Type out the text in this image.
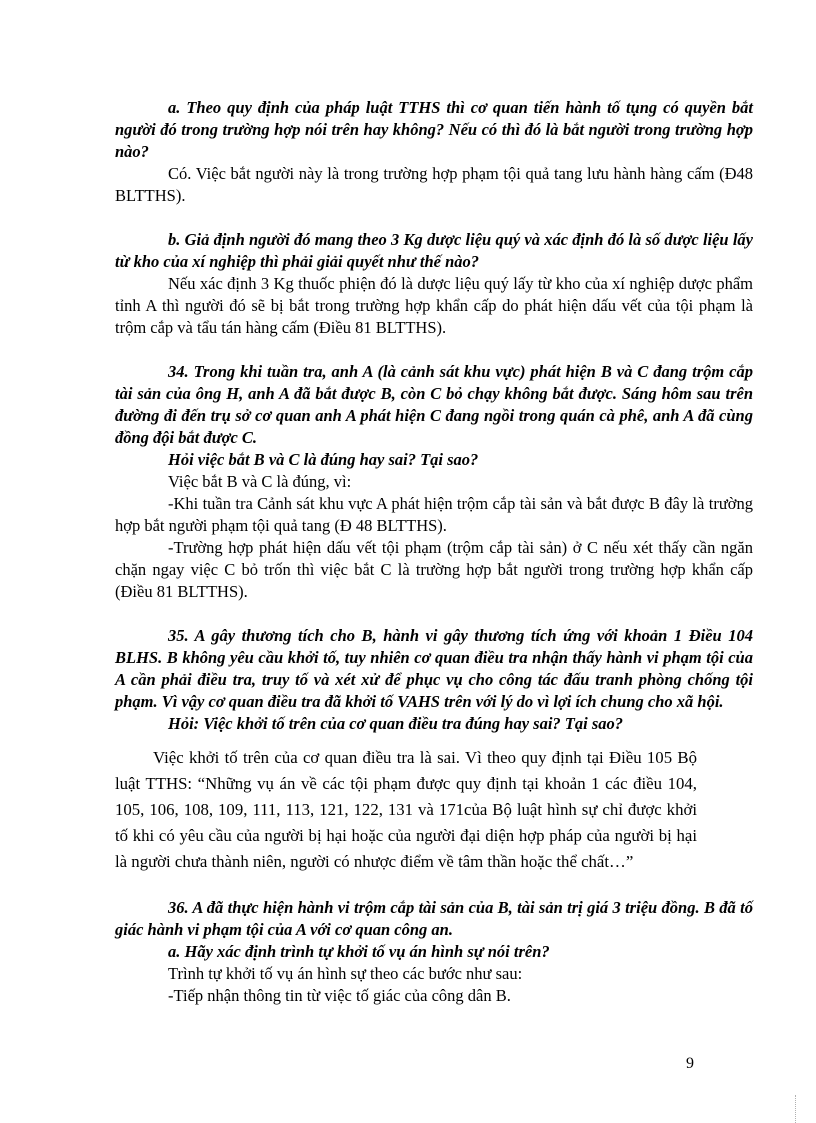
a. Theo quy định của pháp luật TTHS thì cơ quan tiến hành tố tụng có quyền bắt người đó trong trường hợp nói trên hay không? Nếu có thì đó là bắt người trong trường hợp nào?

Có. Việc bắt người này là trong trường hợp phạm tội quả tang lưu hành hàng cấm (Đ48 BLTTHS).

b. Giả định người đó mang theo 3 Kg dược liệu quý và xác định đó là số dược liệu lấy từ kho của xí nghiệp thì phải giải quyết như thế nào?

Nếu xác định 3 Kg thuốc phiện đó là dược liệu quý lấy từ kho của xí nghiệp dược phẩm tỉnh A thì người đó sẽ bị bắt trong trường hợp khẩn cấp do phát hiện dấu vết của tội phạm là trộm cắp và tẩu tán hàng cấm (Điều 81 BLTTHS).

34. Trong khi tuần tra, anh A (là cảnh sát khu vực) phát hiện B và C đang trộm cắp tài sản của ông H, anh A đã bắt được B, còn C bỏ chạy không bắt được. Sáng hôm sau trên đường đi đến trụ sở cơ quan anh A phát hiện C đang ngồi trong quán cà phê, anh A đã cùng đồng đội bắt được C.

Hỏi việc bắt B và C là đúng hay sai? Tại sao?

Việc bắt B và C là đúng, vì:

-Khi tuần tra Cảnh sát khu vực A phát hiện trộm cắp tài sản và bắt được B đây là trường hợp bắt người phạm tội quả tang (Đ 48 BLTTHS).

-Trường hợp phát hiện dấu vết tội phạm (trộm cắp tài sản) ở C nếu xét thấy cần ngăn chặn ngay việc C bỏ trốn thì việc bắt C là trường hợp bắt người trong trường hợp khẩn cấp (Điều 81 BLTTHS).

35. A gây thương tích cho B, hành vi gây thương tích ứng với khoản 1 Điều 104 BLHS. B không yêu cầu khởi tố, tuy nhiên cơ quan điều tra nhận thấy hành vi phạm tội của A cần phải điều tra, truy tố và xét xử để phục vụ cho công tác đấu tranh phòng chống tội phạm. Vì vậy cơ quan điều tra đã khởi tố VAHS trên với lý do vì lợi ích chung cho xã hội.

Hỏi: Việc khởi tố trên của cơ quan điều tra đúng hay sai? Tại sao?

Việc khởi tố trên của cơ quan điều tra là sai. Vì theo quy định tại Điều 105 Bộ luật TTHS: “Những vụ án về các tội phạm được quy định tại khoản 1 các điều 104, 105, 106, 108, 109, 111, 113, 121, 122, 131 và 171của Bộ luật hình sự chỉ được khởi tố khi có yêu cầu của người bị hại hoặc của người đại diện hợp pháp của người bị hại là người chưa thành niên, người có nhược điểm về tâm thần hoặc thể chất…”

36. A đã thực hiện hành vi trộm cắp tài sản của B, tài sản trị giá 3 triệu đồng. B đã tố giác hành vi phạm tội của A với cơ quan công an.

a. Hãy xác định trình tự khởi tố vụ án hình sự nói trên?

Trình tự khởi tố vụ án hình sự theo các bước như sau:

-Tiếp nhận thông tin từ việc tố giác của công dân B.

9
